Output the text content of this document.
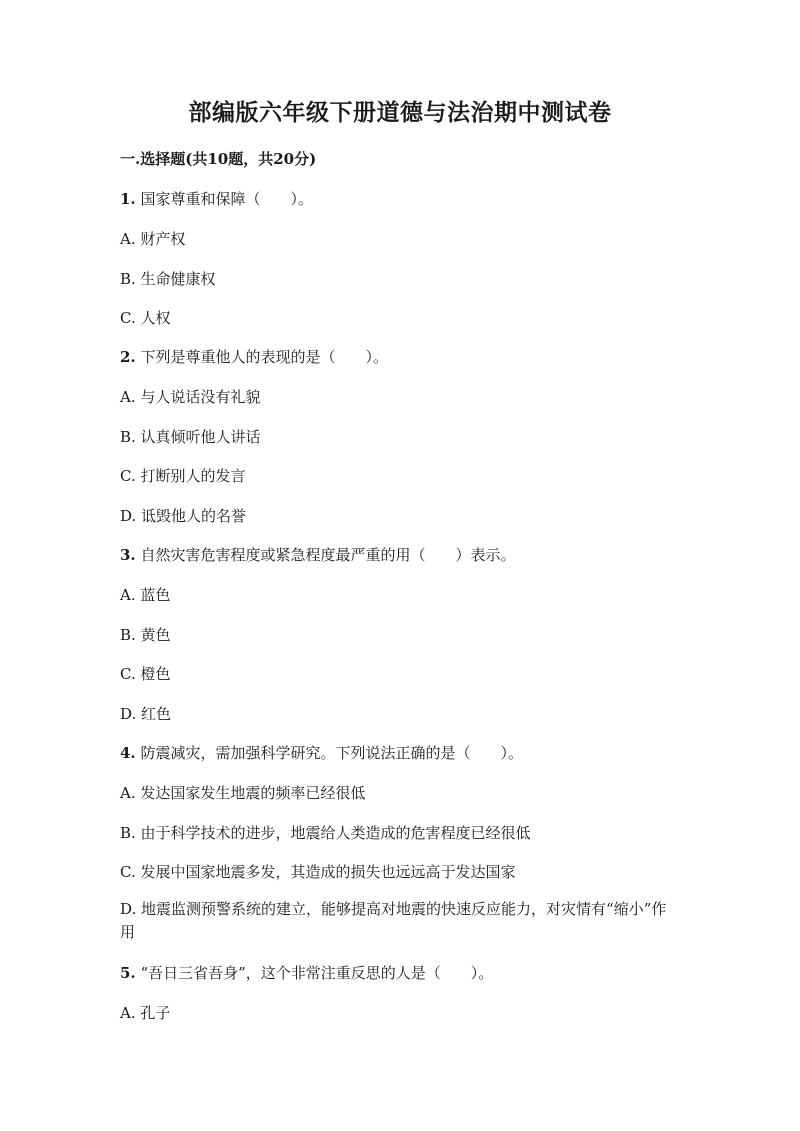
部编版六年级下册道德与法治期中测试卷
一.选择题(共10题，共20分)
1. 国家尊重和保障（　　）。
A. 财产权
B. 生命健康权
C. 人权
2. 下列是尊重他人的表现的是（　　）。
A. 与人说话没有礼貌
B. 认真倾听他人讲话
C. 打断别人的发言
D. 诋毁他人的名誉
3. 自然灾害危害程度或紧急程度最严重的用（　　）表示。
A. 蓝色
B. 黄色
C. 橙色
D. 红色
4. 防震减灾，需加强科学研究。下列说法正确的是（　　）。
A. 发达国家发生地震的频率已经很低
B. 由于科学技术的进步，地震给人类造成的危害程度已经很低
C. 发展中国家地震多发，其造成的损失也远远高于发达国家
D. 地震监测预警系统的建立，能够提高对地震的快速反应能力，对灾情有“缩小”作用
5. “吾日三省吾身”，这个非常注重反思的人是（　　）。
A. 孔子
